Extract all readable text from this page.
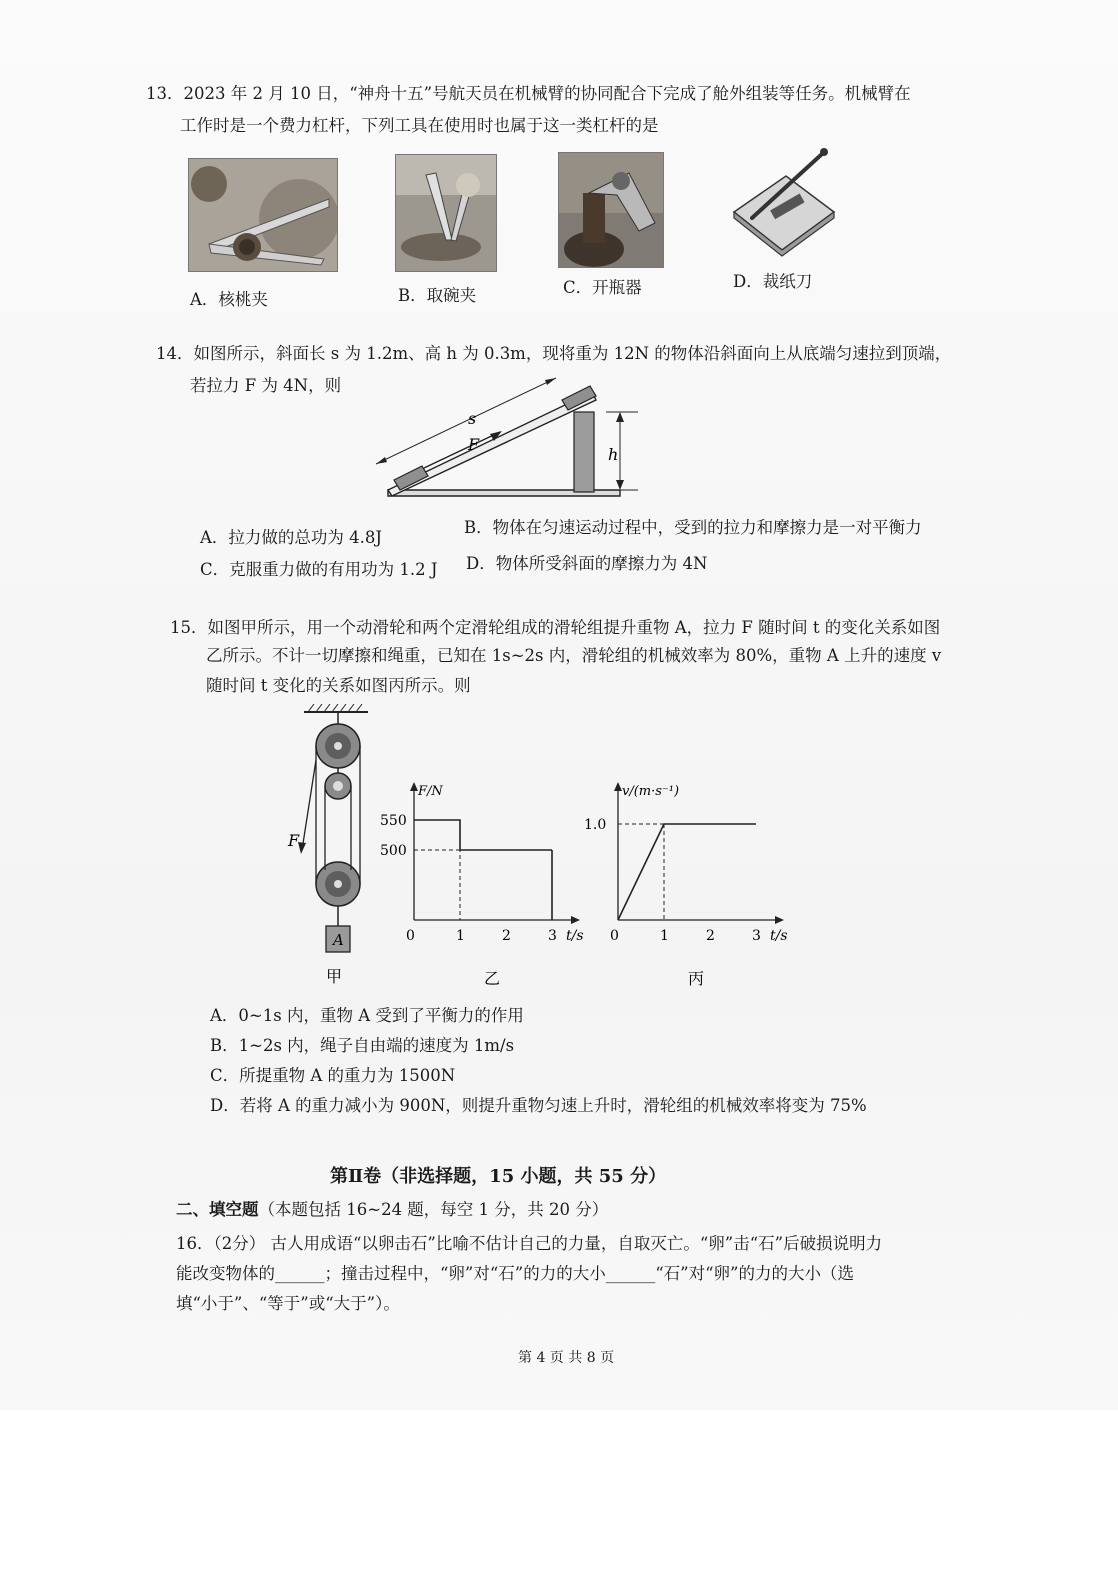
13．2023 年 2 月 10 日，“神舟十五”号航天员在机械臂的协同配合下完成了舱外组装等任务。机械臂在
工作时是一个费力杠杆，下列工具在使用时也属于这一类杠杆的是
A．核桃夹	B．取碗夹	C．开瓶器	D．裁纸刀
14．如图所示，斜面长 s 为 1.2m、高 h 为 0.3m，现将重为 12N 的物体沿斜面向上从底端匀速拉到顶端，
若拉力 F 为 4N，则
s
F
h
A．拉力做的总功为 4.8J
B．物体在匀速运动过程中，受到的拉力和摩擦力是一对平衡力
C．克服重力做的有用功为 1.2 J D．物体所受斜面的摩擦力为 4N
15．如图甲所示，用一个动滑轮和两个定滑轮组成的滑轮组提升重物 A，拉力 F 随时间 t 的变化关系如图
乙所示。不计一切摩擦和绳重，已知在 1s~2s 内，滑轮组的机械效率为 80%，重物 A 上升的速度 v
随时间 t 变化的关系如图丙所示。则
F
A
甲
F/N
t/s
0	1	2	3
500
550
乙
v/(m·s⁻¹)
t/s
0	1	2	3
1.0
丙
A．0~1s 内，重物 A 受到了平衡力的作用
B．1~2s 内，绳子自由端的速度为 1m/s
C．所提重物 A 的重力为 1500N
D．若将 A 的重力减小为 900N，则提升重物匀速上升时，滑轮组的机械效率将变为 75%
第Ⅱ卷（非选择题，15 小题，共 55 分）
二、填空题（本题包括 16~24 题，每空 1 分，共 20 分）
16．（2分） 古人用成语“以卵击石”比喻不估计自己的力量，自取灭亡。“卵”击“石”后破损说明力
能改变物体的______；撞击过程中，“卵”对“石”的力的大小______“石”对“卵”的力的大小（选
填“小于”、“等于”或“大于”）。
第 4 页 共 8 页
